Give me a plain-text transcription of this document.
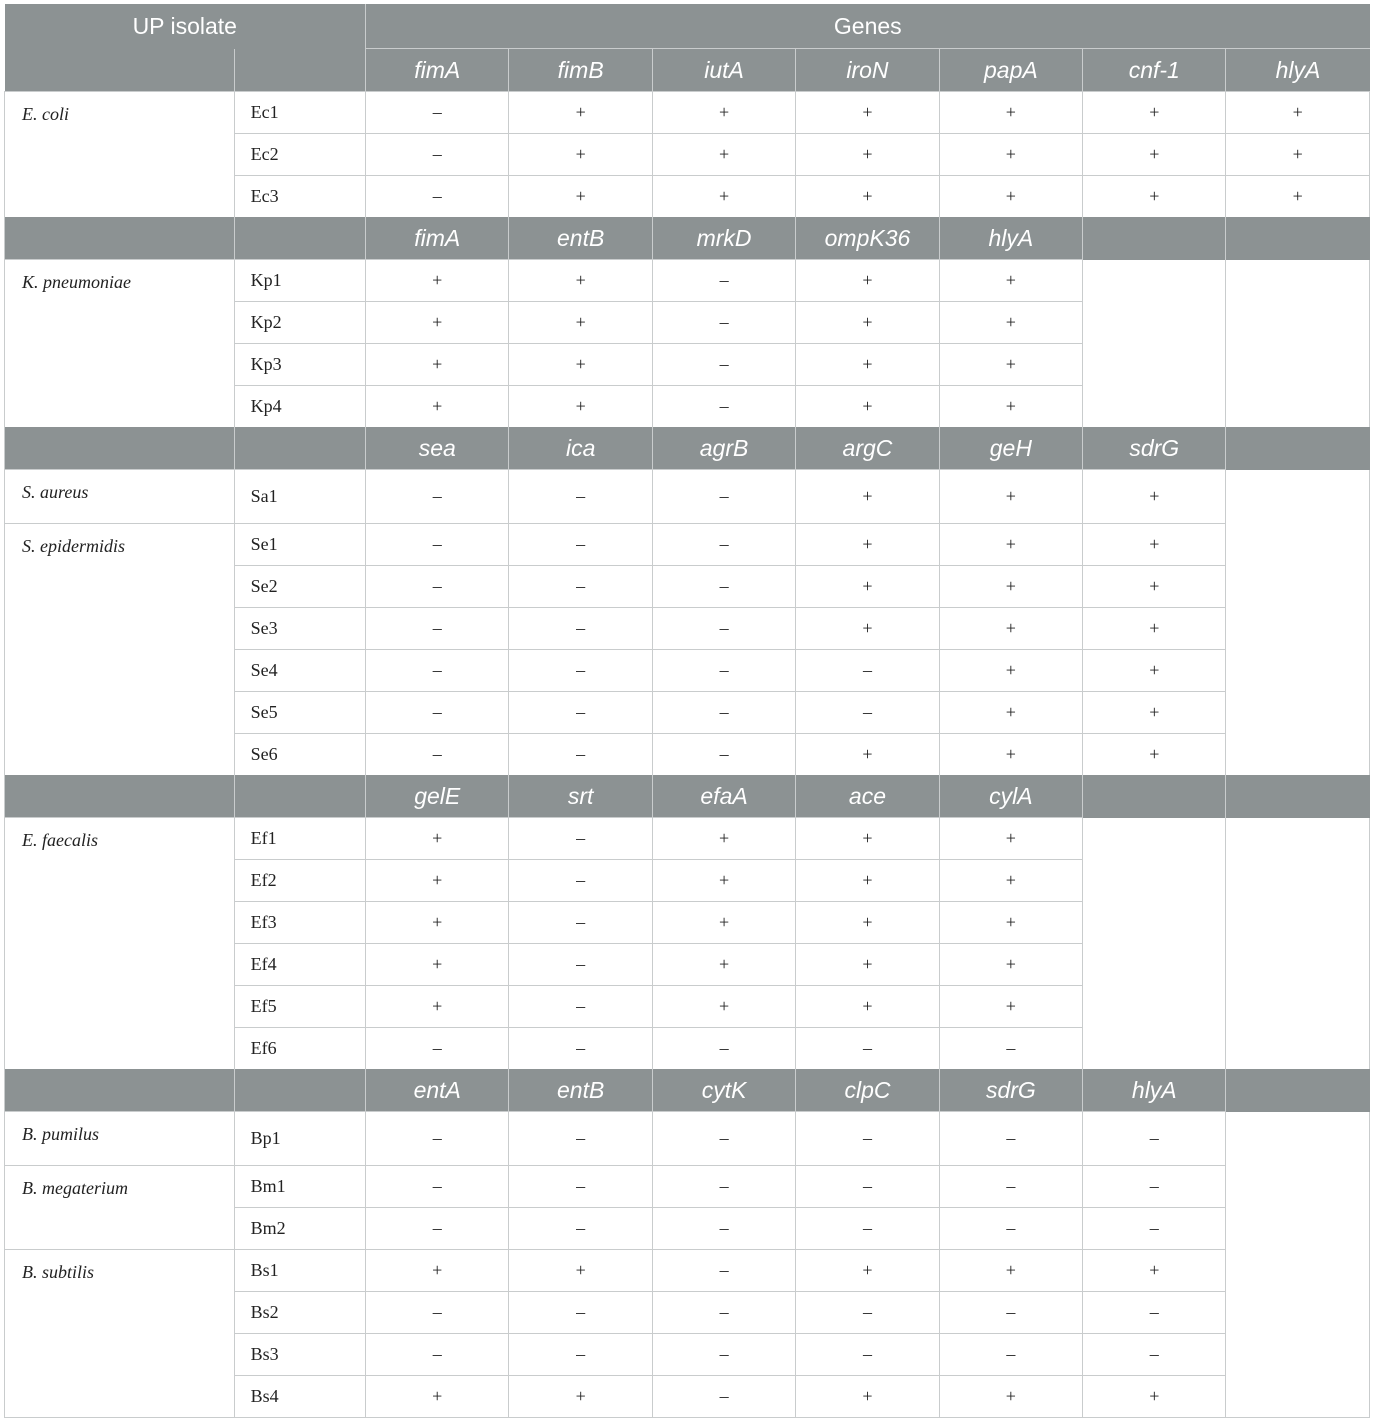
UP isolate		Genes						
		fimA	fimB	iutA	iroN	papA	cnf-1	hlyA
E. coli	Ec1	–	+	+	+	+	+	+
	Ec2	–	+	+	+	+	+	+
	Ec3	–	+	+	+	+	+	+
		fimA	entB	mrkD	ompK36	hlyA		
K. pneumoniae	Kp1	+	+	–	+	+		
	Kp2	+	+	–	+	+		
	Kp3	+	+	–	+	+		
	Kp4	+	+	–	+	+		
		sea	ica	agrB	argC	geH	sdrG	
S. aureus	Sa1	–	–	–	+	+	+	
S. epidermidis	Se1	–	–	–	+	+	+	
	Se2	–	–	–	+	+	+	
	Se3	–	–	–	+	+	+	
	Se4	–	–	–	–	+	+	
	Se5	–	–	–	–	+	+	
	Se6	–	–	–	+	+	+	
		gelE	srt	efaA	ace	cylA		
E. faecalis	Ef1	+	–	+	+	+		
	Ef2	+	–	+	+	+		
	Ef3	+	–	+	+	+		
	Ef4	+	–	+	+	+		
	Ef5	+	–	+	+	+		
	Ef6	–	–	–	–	–		
		entA	entB	cytK	clpC	sdrG	hlyA	
B. pumilus	Bp1	–	–	–	–	–	–	
B. megaterium	Bm1	–	–	–	–	–	–	
	Bm2	–	–	–	–	–	–	
B. subtilis	Bs1	+	+	–	+	+	+	
	Bs2	–	–	–	–	–	–	
	Bs3	–	–	–	–	–	–	
	Bs4	+	+	–	+	+	+	
